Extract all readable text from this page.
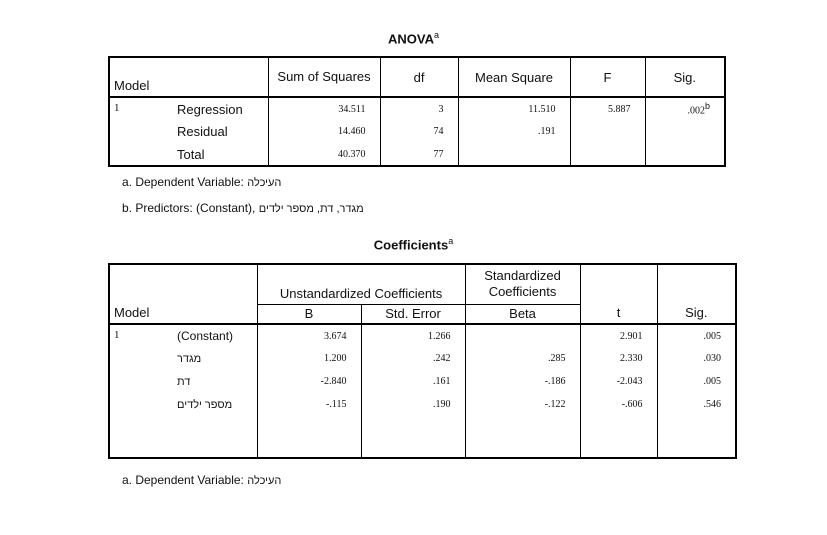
ANOVA$^a$
Model		Sum of Squares	df	Mean Square	F	Sig.
1	Regression	34.511	3	11.510	5.887	.002$^b$
	Residual	14.460	74	.191		
	Total	40.370	77			
a. Dependent Variable: העיכלה
b. Predictors: (Constant), מגדר, דת, מספר ילדים
Coefficients$^a$
Model		Unstandardized Coefficients		Standardized Coefficients	t	Sig.
		B	Std. Error	Beta		
1	(Constant)	3.674	1.266		2.901	.005
	מגדר	1.200	.242	.285	2.330	.030
	דת	-2.840	.161	-.186	-2.043	.005
	מספר ילדים	-.115	.190	-.122	-.606	.546

a. Dependent Variable: העיכלה
